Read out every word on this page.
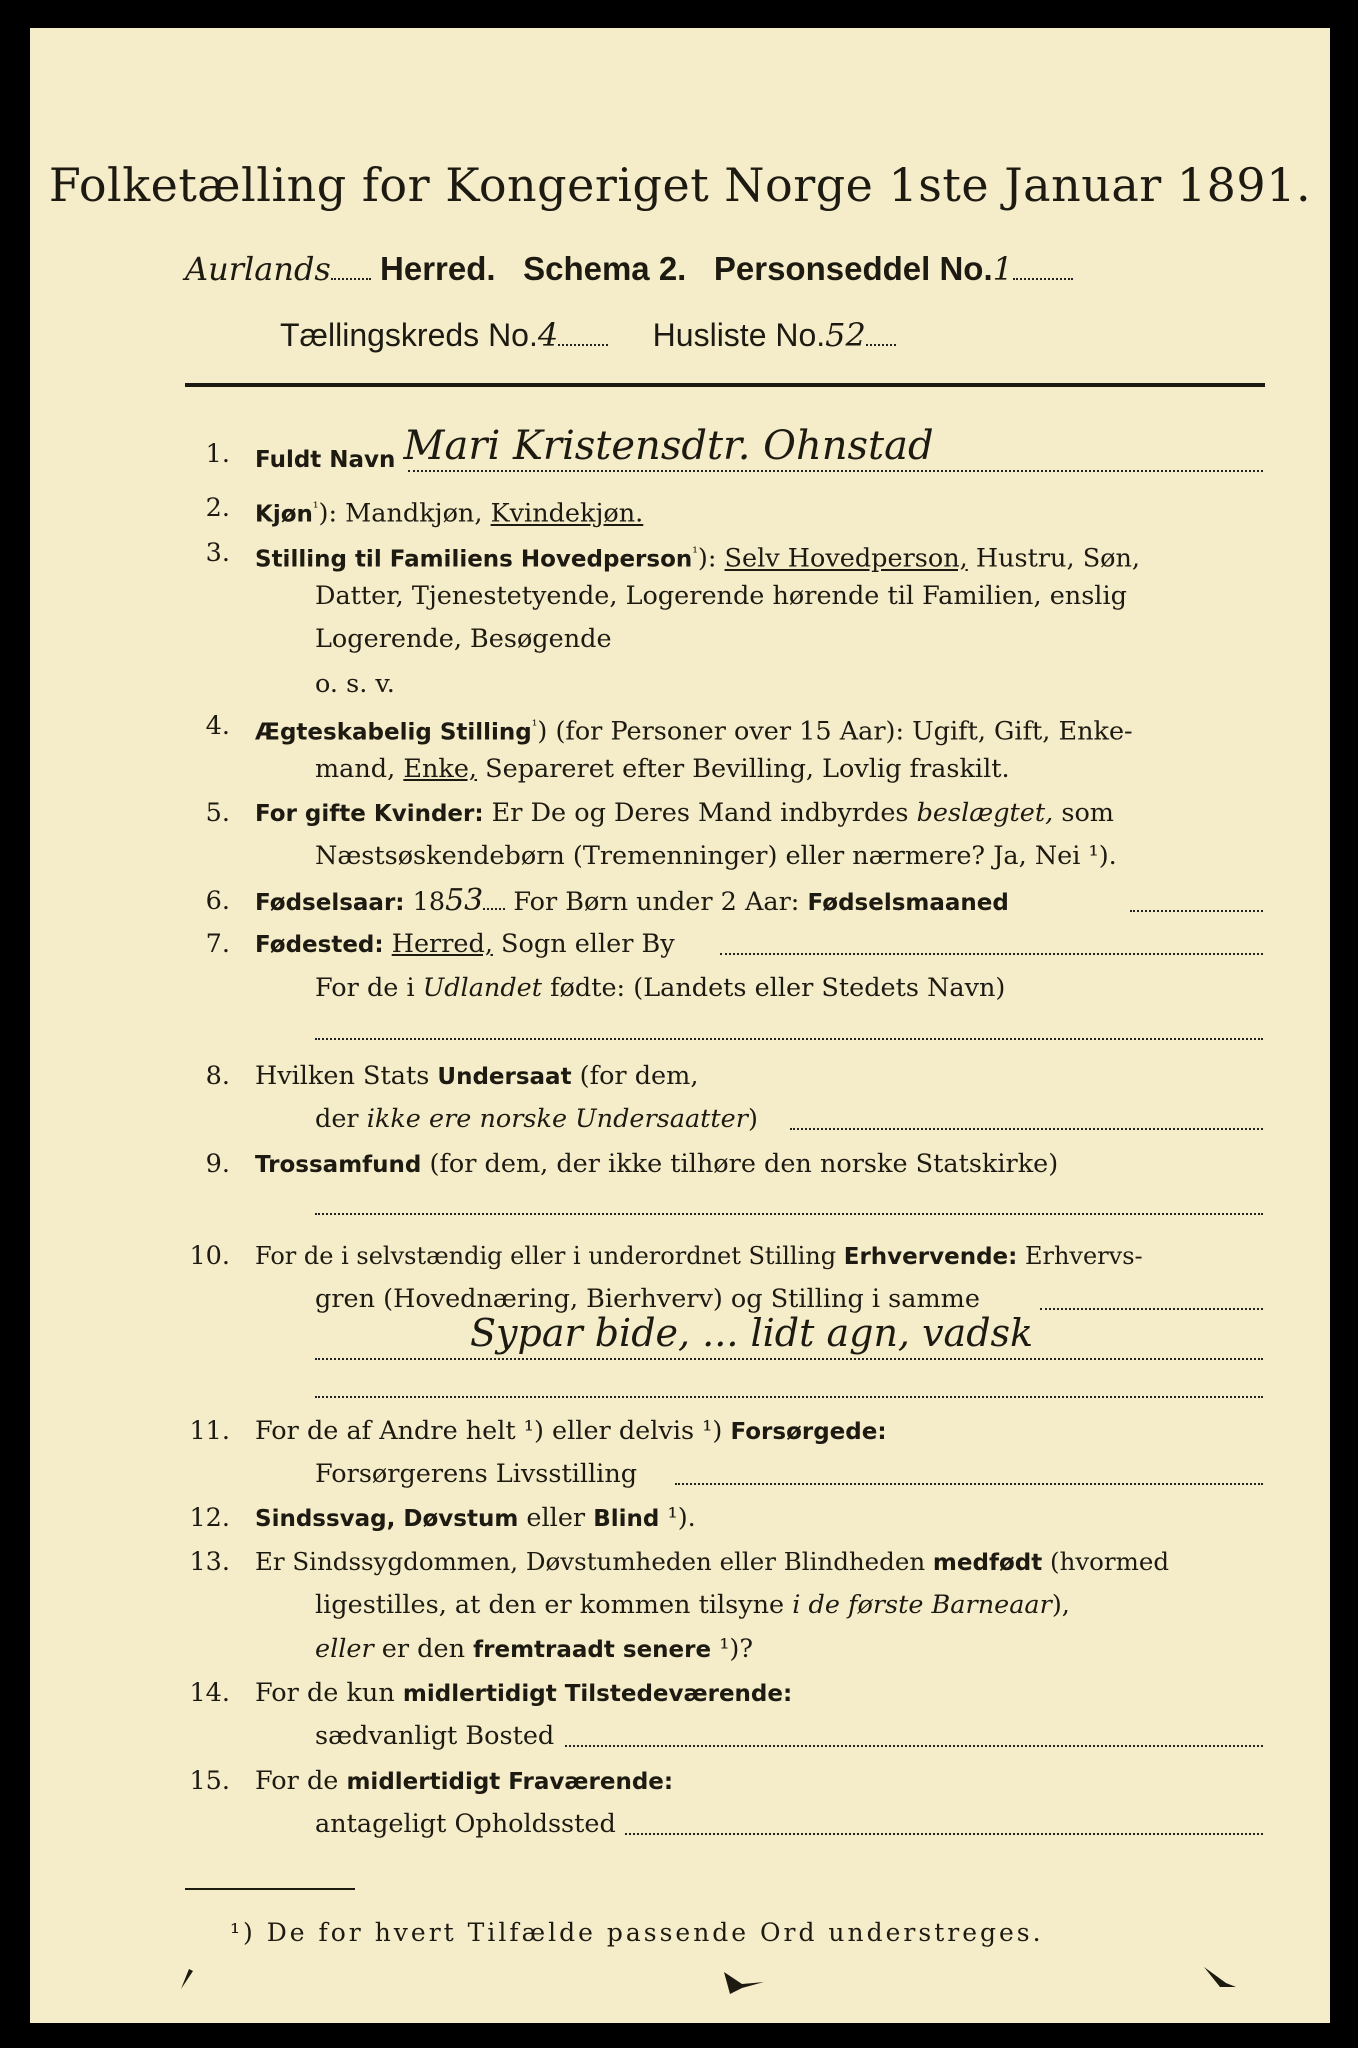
Folketælling for Kongeriget Norge 1ste Januar 1891.
Aurlands Herred. Schema 2. Personseddel No.1
Tællingskreds No.4	Husliste No.52
1. Fuldt Navn Mari Kristensdtr. Ohnstad
2. Kjøn$^{^1}$): Mandkjøn, Kvindekjøn.
3. Stilling til Familiens Hovedperson$^{^1}$): Selv Hovedperson, Hustru, Søn,
Datter, Tjenestetyende, Logerende hørende til Familien, enslig
Logerende, Besøgende
o. s. v.
4. Ægteskabelig Stilling$^{^1}$) (for Personer over 15 Aar): Ugift, Gift, Enke-
mand, Enke, Separeret efter Bevilling, Lovlig fraskilt.
5. For gifte Kvinder: Er De og Deres Mand indbyrdes beslægtet, som
Næstsøskendebørn (Tremenninger) eller nærmere? Ja, Nei ¹).
6. Fødselsaar: 1853 For Børn under 2 Aar: Fødselsmaaned
7. Fødested: Herred, Sogn eller By
For de i Udlandet fødte: (Landets eller Stedets Navn)
8. Hvilken Stats Undersaat (for dem,
der ikke ere norske Undersaatter)
9. Trossamfund (for dem, der ikke tilhøre den norske Statskirke)
10. For de i selvstændig eller i underordnet Stilling Erhvervende: Erhvervs-
gren (Hovednæring, Bierhverv) og Stilling i samme
Sypar bide, ... lidt agn, vadsk
11. For de af Andre helt ¹) eller delvis ¹) Forsørgede:
Forsørgerens Livsstilling
12. Sindssvag, Døvstum eller Blind ¹).
13. Er Sindssygdommen, Døvstumheden eller Blindheden medfødt (hvormed
ligestilles, at den er kommen tilsyne i de første Barneaar),
eller er den fremtraadt senere ¹)?
14. For de kun midlertidigt Tilstedeværende:
sædvanligt Bosted
15. For de midlertidigt Fraværende:
antageligt Opholdssted
¹) De for hvert Tilfælde passende Ord understreges.
